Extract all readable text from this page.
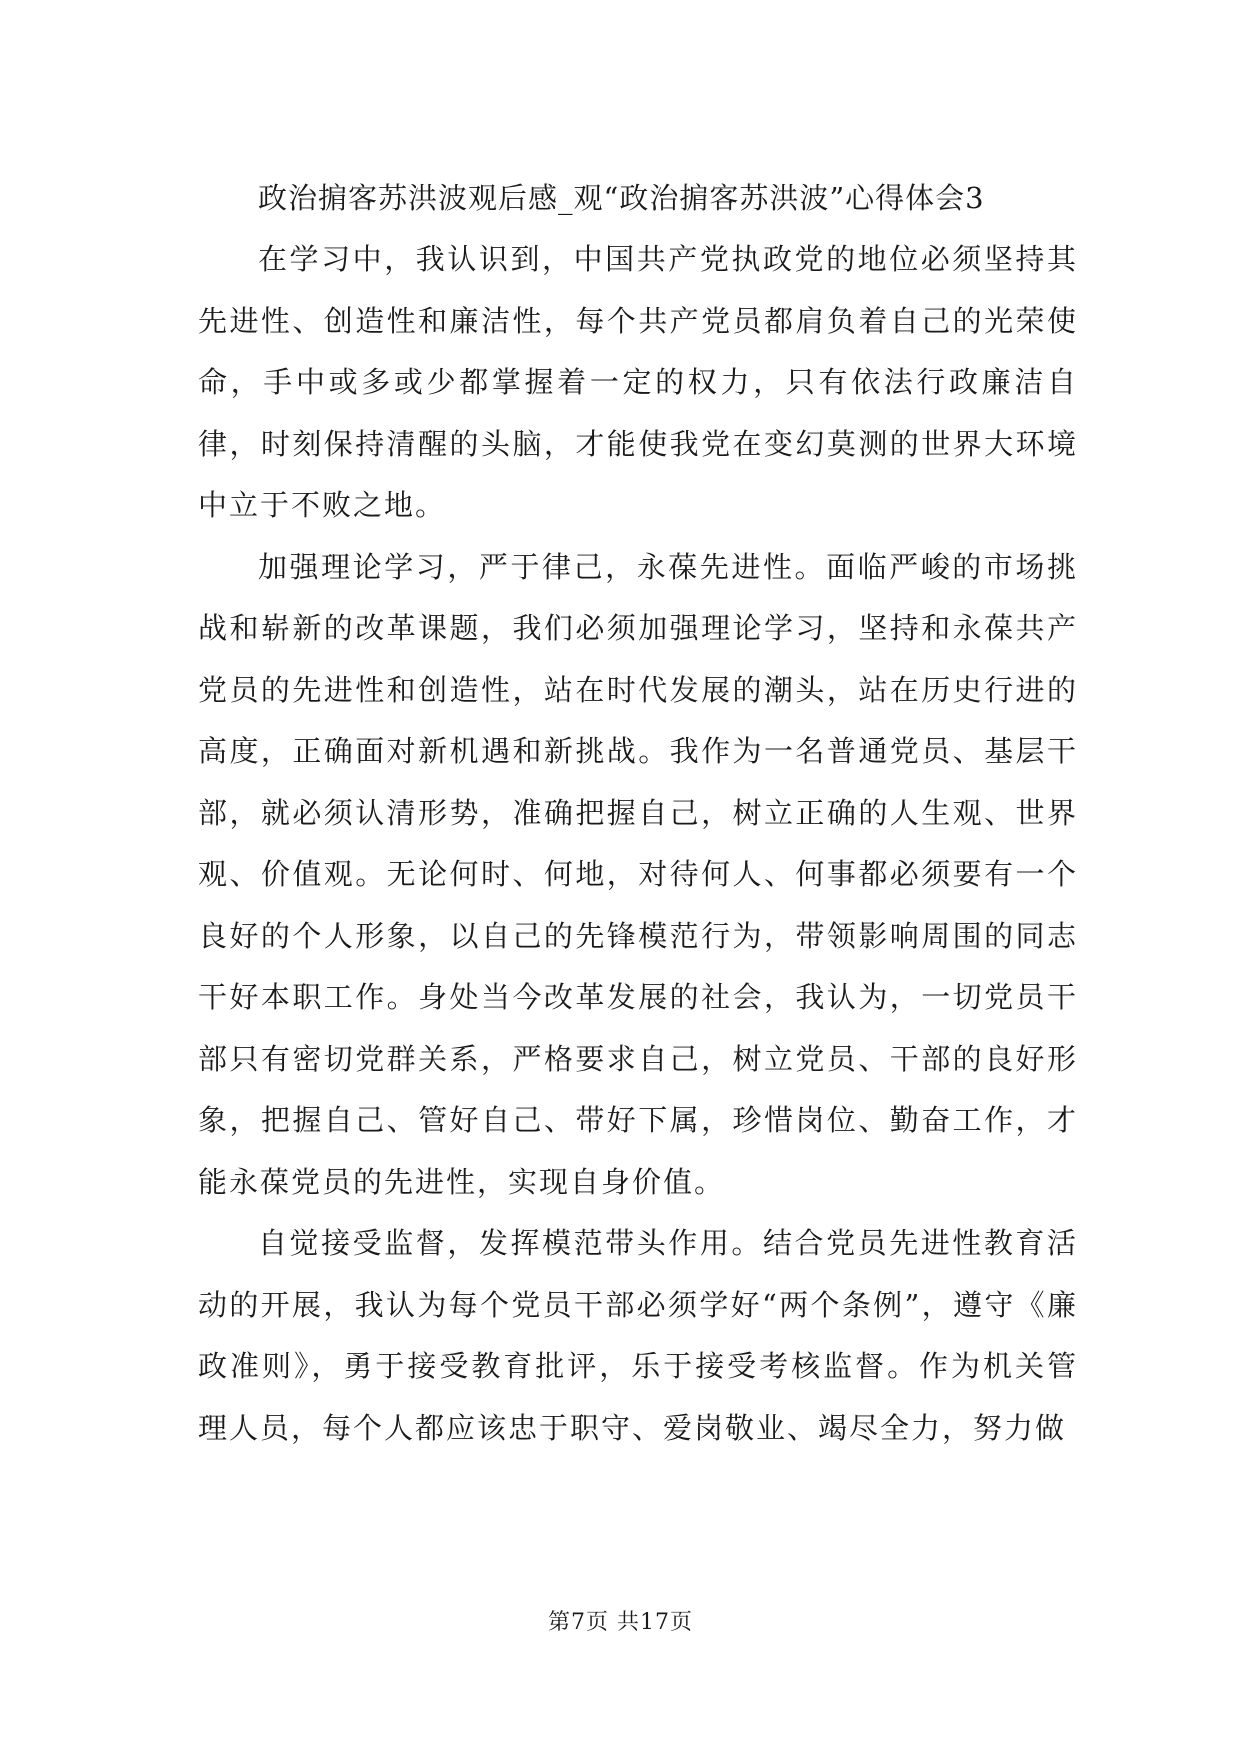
政治掮客苏洪波观后感_观“政治掮客苏洪波”心得体会3

在学习中，我认识到，中国共产党执政党的地位必须坚持其先进性、创造性和廉洁性，每个共产党员都肩负着自己的光荣使命，手中或多或少都掌握着一定的权力，只有依法行政廉洁自律，时刻保持清醒的头脑，才能使我党在变幻莫测的世界大环境中立于不败之地。

加强理论学习，严于律己，永葆先进性。面临严峻的市场挑战和崭新的改革课题，我们必须加强理论学习，坚持和永葆共产党员的先进性和创造性，站在时代发展的潮头，站在历史行进的高度，正确面对新机遇和新挑战。我作为一名普通党员、基层干部，就必须认清形势，准确把握自己，树立正确的人生观、世界观、价值观。无论何时、何地，对待何人、何事都必须要有一个良好的个人形象，以自己的先锋模范行为，带领影响周围的同志干好本职工作。身处当今改革发展的社会，我认为，一切党员干部只有密切党群关系，严格要求自己，树立党员、干部的良好形象，把握自己、管好自己、带好下属，珍惜岗位、勤奋工作，才能永葆党员的先进性，实现自身价值。

自觉接受监督，发挥模范带头作用。结合党员先进性教育活动的开展，我认为每个党员干部必须学好“两个条例”，遵守《廉政准则》，勇于接受教育批评，乐于接受考核监督。作为机关管理人员，每个人都应该忠于职守、爱岗敬业、竭尽全力，努力做

第7页 共17页
